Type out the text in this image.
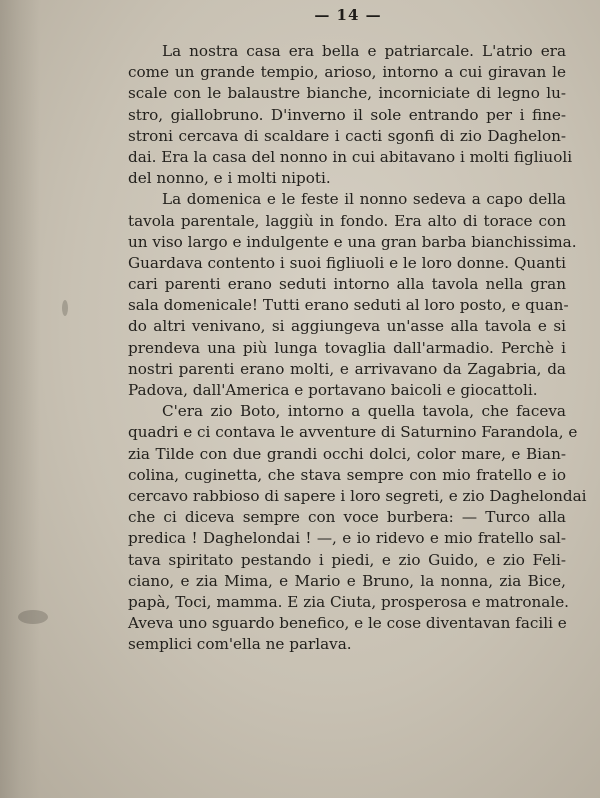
— 14 —
La nostra casa era bella e patriarcale. L'atrio era
come un grande tempio, arioso, intorno a cui giravan le
scale con le balaustre bianche, incorniciate di legno lu-
stro, giallobruno. D'inverno il sole entrando per i fine-
stroni cercava di scaldare i cacti sgonfi di zio Daghelon-
dai. Era la casa del nonno in cui abitavano i molti figliuoli
del nonno, e i molti nipoti.
La domenica e le feste il nonno sedeva a capo della
tavola parentale, laggiù in fondo. Era alto di torace con
un viso largo e indulgente e una gran barba bianchissima.
Guardava contento i suoi figliuoli e le loro donne. Quanti
cari parenti erano seduti intorno alla tavola nella gran
sala domenicale! Tutti erano seduti al loro posto, e quan-
do altri venivano, si aggiungeva un'asse alla tavola e si
prendeva una più lunga tovaglia dall'armadio. Perchè i
nostri parenti erano molti, e arrivavano da Zagabria, da
Padova, dall'America e portavano baicoli e giocattoli.
C'era zio Boto, intorno a quella tavola, che faceva
quadri e ci contava le avventure di Saturnino Farandola, e
zia Tilde con due grandi occhi dolci, color mare, e Bian-
colina, cuginetta, che stava sempre con mio fratello e io
cercavo rabbioso di sapere i loro segreti, e zio Daghelondai
che ci diceva sempre con voce burbera: — Turco alla
predica ! Daghelondai ! —, e io ridevo e mio fratello sal-
tava spiritato pestando i piedi, e zio Guido, e zio Feli-
ciano, e zia Mima, e Mario e Bruno, la nonna, zia Bice,
papà, Toci, mamma. E zia Ciuta, prosperosa e matronale.
Aveva uno sguardo benefico, e le cose diventavan facili e
semplici com'ella ne parlava.
